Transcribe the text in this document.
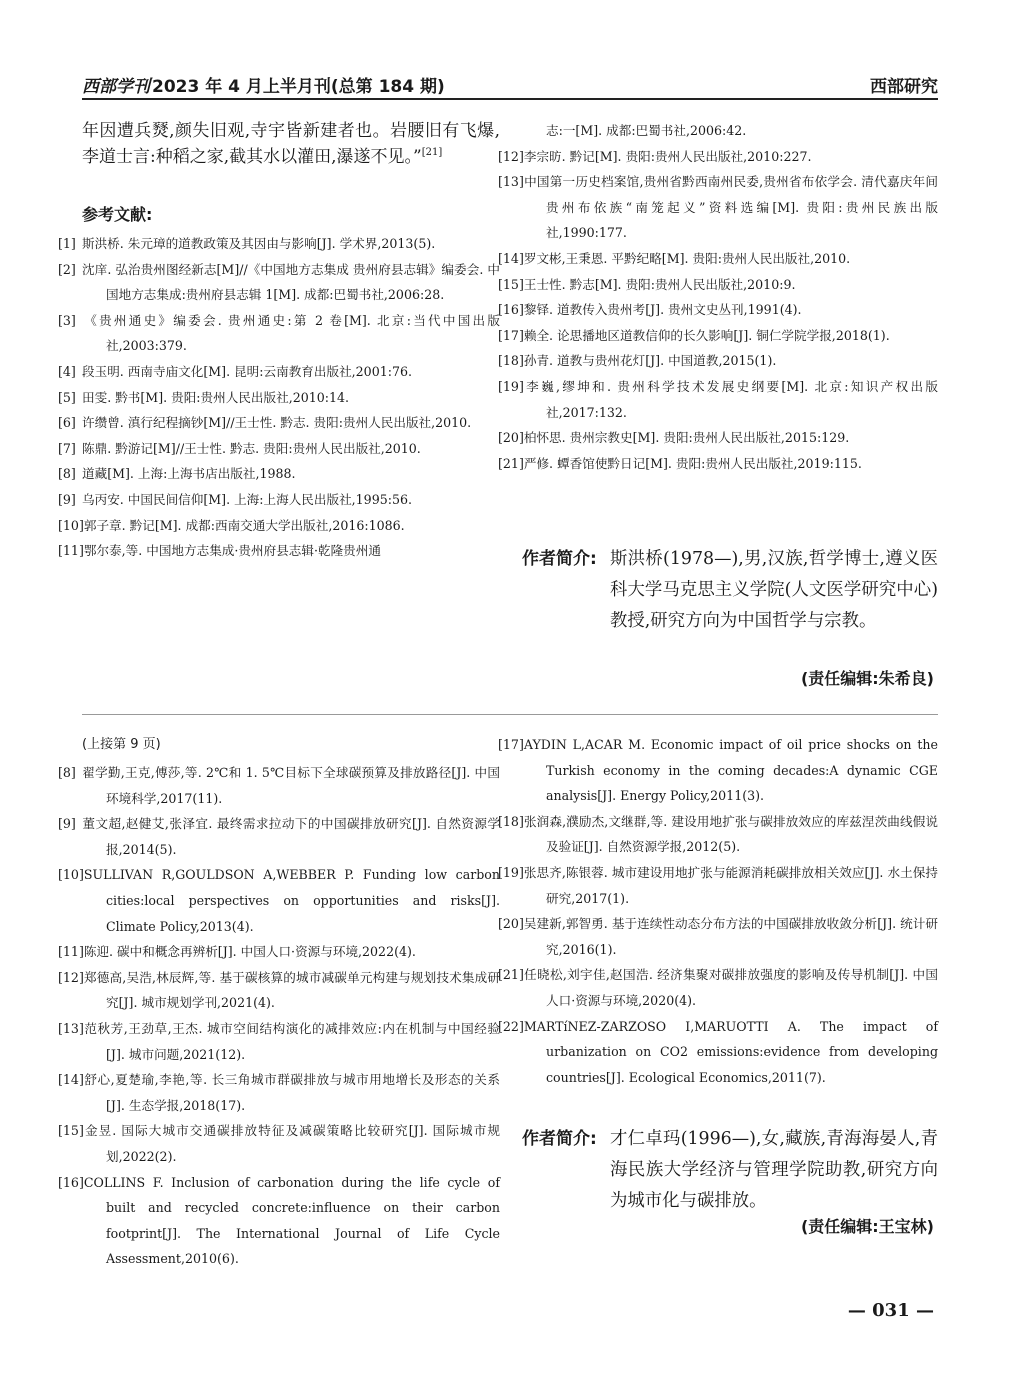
西部学刊 2023 年 4 月上半月刊(总第 184 期)	西部研究
年因遭兵燹,颜失旧观,寺宇皆新建者也。岩腰旧有飞爆,李道士言:种稻之家,截其水以灌田,瀑遂不见。”[21]
参考文献:
[1] 斯洪桥. 朱元璋的道教政策及其因由与影响[J]. 学术界,2013(5).
[2] 沈庠. 弘治贵州图经新志[M]//《中国地方志集成 贵州府县志辑》编委会. 中国地方志集成:贵州府县志辑 1[M]. 成都:巴蜀书社,2006:28.
[3] 《贵州通史》编委会. 贵州通史:第 2 卷[M]. 北京:当代中国出版社,2003:379.
[4] 段玉明. 西南寺庙文化[M]. 昆明:云南教育出版社,2001:76.
[5] 田雯. 黔书[M]. 贵阳:贵州人民出版社,2010:14.
[6] 许缵曾. 滇行纪程摘钞[M]//王士性. 黔志. 贵阳:贵州人民出版社,2010.
[7] 陈鼎. 黔游记[M]//王士性. 黔志. 贵阳:贵州人民出版社,2010.
[8] 道藏[M]. 上海:上海书店出版社,1988.
[9] 乌丙安. 中国民间信仰[M]. 上海:上海人民出版社,1995:56.
[10]郭子章. 黔记[M]. 成都:西南交通大学出版社,2016:1086.
[11]鄂尔泰,等. 中国地方志集成·贵州府县志辑·乾隆贵州通
志:一[M]. 成都:巴蜀书社,2006:42.
[12]李宗昉. 黔记[M]. 贵阳:贵州人民出版社,2010:227.
[13]中国第一历史档案馆,贵州省黔西南州民委,贵州省布依学会. 清代嘉庆年间贵州布依族“南笼起义”资料选编[M]. 贵阳:贵州民族出版社,1990:177.
[14]罗文彬,王秉恩. 平黔纪略[M]. 贵阳:贵州人民出版社,2010.
[15]王士性. 黔志[M]. 贵阳:贵州人民出版社,2010:9.
[16]黎铎. 道教传入贵州考[J]. 贵州文史丛刊,1991(4).
[17]赖全. 论思播地区道教信仰的长久影响[J]. 铜仁学院学报,2018(1).
[18]孙青. 道教与贵州花灯[J]. 中国道教,2015(1).
[19]李巍,缪坤和. 贵州科学技术发展史纲要[M]. 北京:知识产权出版社,2017:132.
[20]柏怀思. 贵州宗教史[M]. 贵阳:贵州人民出版社,2015:129.
[21]严修. 蟫香馆使黔日记[M]. 贵阳:贵州人民出版社,2019:115.
作者简介: 斯洪桥(1978—),男,汉族,哲学博士,遵义医科大学马克思主义学院(人文医学研究中心)教授,研究方向为中国哲学与宗教。
(责任编辑:朱希良)
(上接第 9 页)
[8] 翟学勤,王克,傅莎,等. 2℃和 1. 5℃目标下全球碳预算及排放路径[J]. 中国环境科学,2017(11).
[9] 董文超,赵健艾,张泽宜. 最终需求拉动下的中国碳排放研究[J]. 自然资源学报,2014(5).
[10]SULLIVAN R,GOULDSON A,WEBBER P. Funding low carbon cities:local perspectives on opportunities and risks[J]. Climate Policy,2013(4).
[11]陈迎. 碳中和概念再辨析[J]. 中国人口·资源与环境,2022(4).
[12]郑德高,吴浩,林辰辉,等. 基于碳核算的城市减碳单元构建与规划技术集成研究[J]. 城市规划学刊,2021(4).
[13]范秋芳,王劲草,王杰. 城市空间结构演化的减排效应:内在机制与中国经验[J]. 城市问题,2021(12).
[14]舒心,夏楚瑜,李艳,等. 长三角城市群碳排放与城市用地增长及形态的关系[J]. 生态学报,2018(17).
[15]金昱. 国际大城市交通碳排放特征及减碳策略比较研究[J]. 国际城市规划,2022(2).
[16]COLLINS F. Inclusion of carbonation during the life cycle of built and recycled concrete:influence on their carbon footprint[J]. The International Journal of Life Cycle Assessment,2010(6).
[17]AYDIN L,ACAR M. Economic impact of oil price shocks on the Turkish economy in the coming decades:A dynamic CGE analysis[J]. Energy Policy,2011(3).
[18]张润森,濮励杰,文继群,等. 建设用地扩张与碳排放效应的库兹涅茨曲线假说及验证[J]. 自然资源学报,2012(5).
[19]张思齐,陈银蓉. 城市建设用地扩张与能源消耗碳排放相关效应[J]. 水土保持研究,2017(1).
[20]吴建新,郭智勇. 基于连续性动态分布方法的中国碳排放收敛分析[J]. 统计研究,2016(1).
[21]任晓松,刘宇佳,赵国浩. 经济集聚对碳排放强度的影响及传导机制[J]. 中国人口·资源与环境,2020(4).
[22]MARTíNEZ-ZARZOSO I,MARUOTTI A. The impact of urbanization on CO2 emissions:evidence from developing countries[J]. Ecological Economics,2011(7).
作者简介: 才仁卓玛(1996—),女,藏族,青海海晏人,青海民族大学经济与管理学院助教,研究方向为城市化与碳排放。
(责任编辑:王宝林)
— 031 —
